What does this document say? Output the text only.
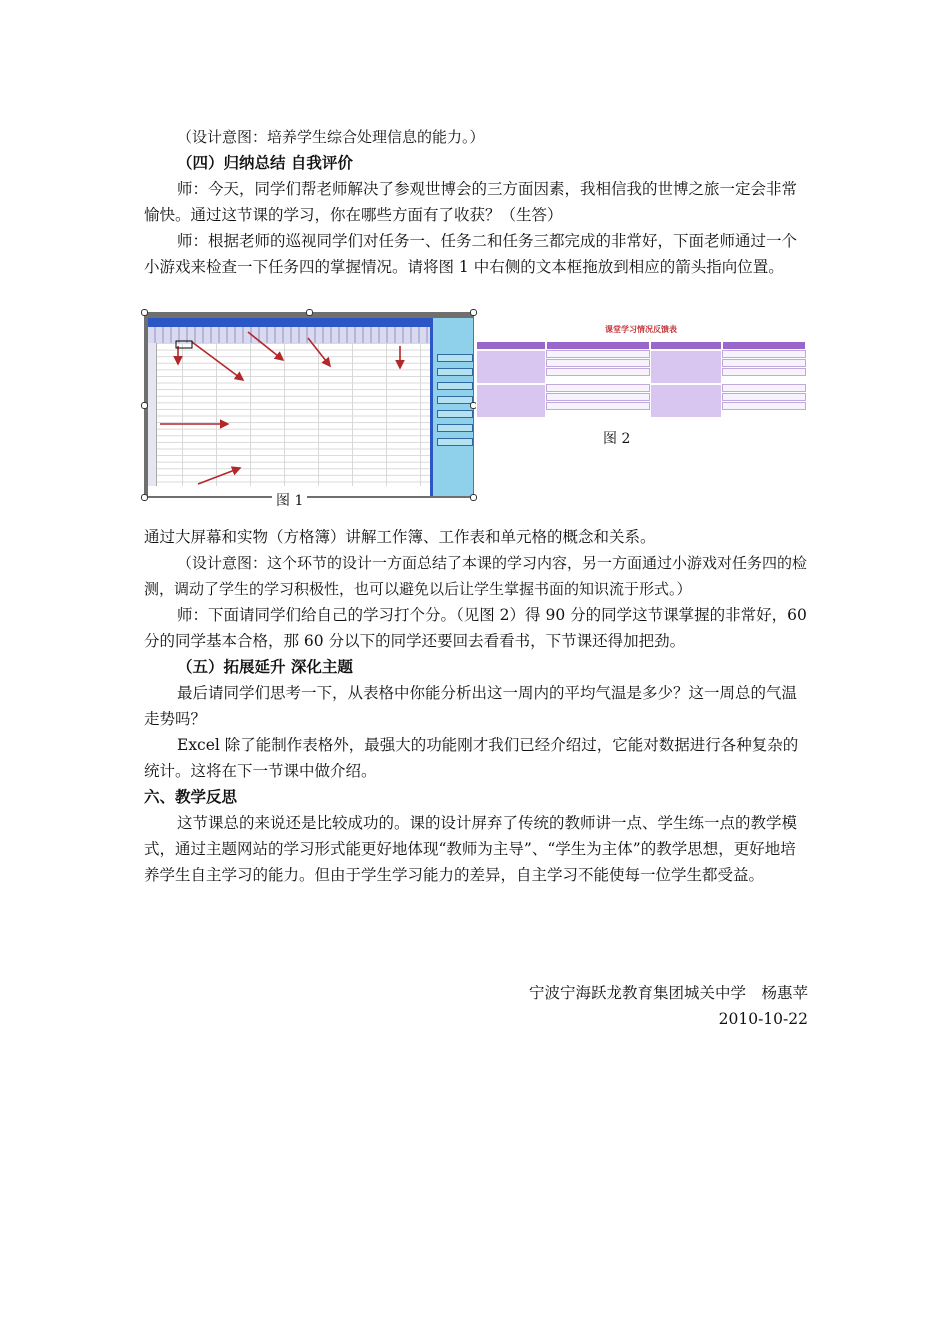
（设计意图：培养学生综合处理信息的能力。）

（四）归纳总结 自我评价

师：今天，同学们帮老师解决了参观世博会的三方面因素，我相信我的世博之旅一定会非常愉快。通过这节课的学习，你在哪些方面有了收获？（生答）

师：根据老师的巡视同学们对任务一、任务二和任务三都完成的非常好，下面老师通过一个小游戏来检查一下任务四的掌握情况。请将图 1 中右侧的文本框拖放到相应的箭头指向位置。

图 1
课堂学习情况反馈表
图 2

通过大屏幕和实物（方格簿）讲解工作簿、工作表和单元格的概念和关系。

（设计意图：这个环节的设计一方面总结了本课的学习内容，另一方面通过小游戏对任务四的检测，调动了学生的学习积极性，也可以避免以后让学生掌握书面的知识流于形式。）

师：下面请同学们给自己的学习打个分。（见图 2）得 90 分的同学这节课掌握的非常好，60 分的同学基本合格，那 60 分以下的同学还要回去看看书，下节课还得加把劲。

（五）拓展延升 深化主题

最后请同学们思考一下，从表格中你能分析出这一周内的平均气温是多少？这一周总的气温走势吗？

Excel 除了能制作表格外，最强大的功能刚才我们已经介绍过，它能对数据进行各种复杂的统计。这将在下一节课中做介绍。

六、教学反思

这节课总的来说还是比较成功的。课的设计屏弃了传统的教师讲一点、学生练一点的教学模式，通过主题网站的学习形式能更好地体现“教师为主导”、“学生为主体”的教学思想，更好地培养学生自主学习的能力。但由于学生学习能力的差异，自主学习不能使每一位学生都受益。

宁波宁海跃龙教育集团城关中学　杨惠苹

2010-10-22
